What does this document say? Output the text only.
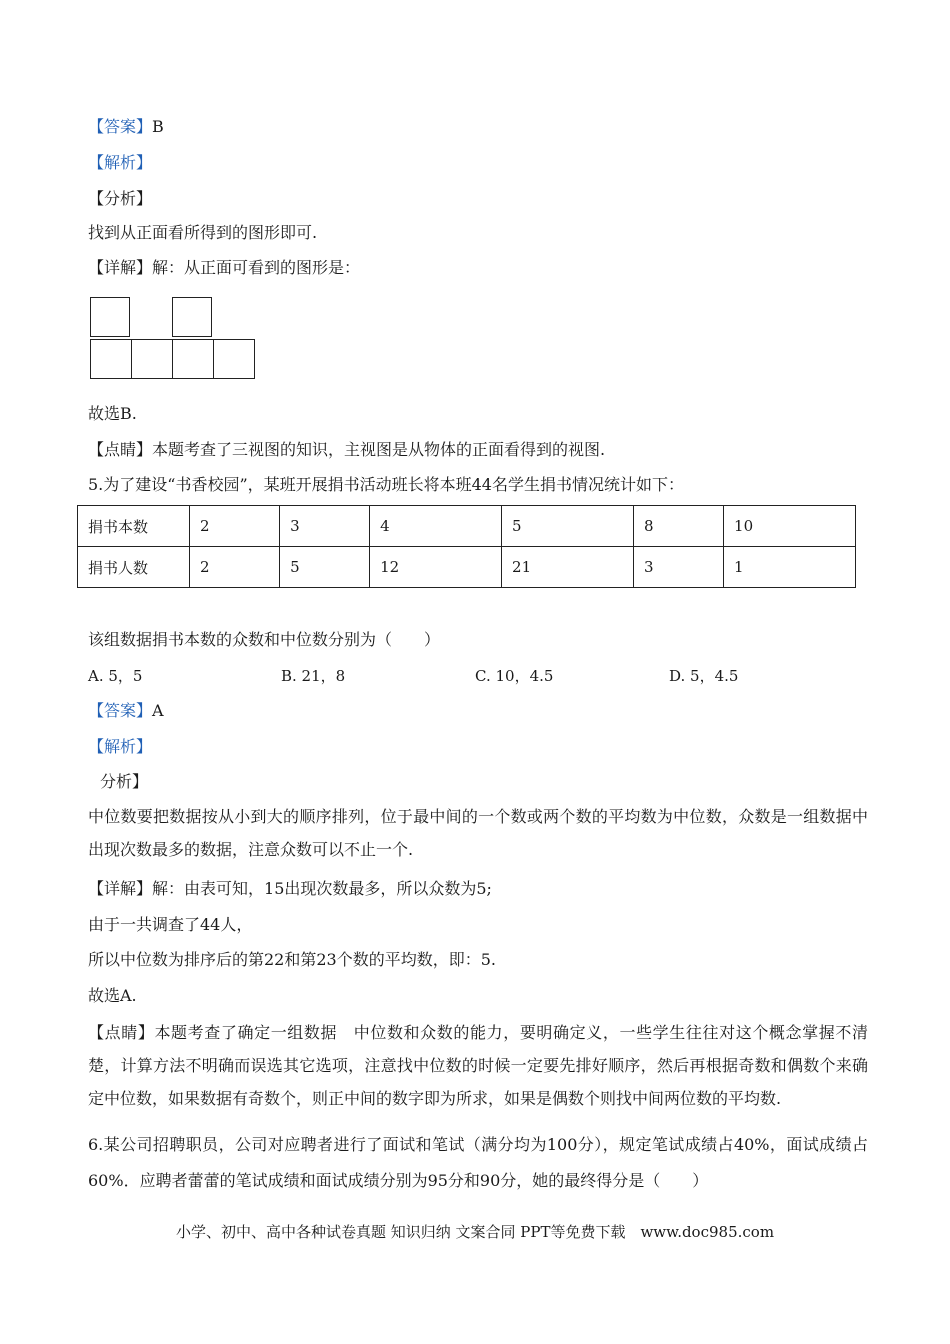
【答案】B
【解析】
【分析】
找到从正面看所得到的图形即可.
【详解】解：从正面可看到的图形是：
故选B.
【点睛】本题考查了三视图的知识，主视图是从物体的正面看得到的视图.
5.为了建设“书香校园”，某班开展捐书活动班长将本班44名学生捐书情况统计如下：
捐书本数	2	3	4	5	8	10
捐书人数	2	5	12	21	3	1
该组数据捐书本数的众数和中位数分别为（　　）
A. 5，5	B. 21，8	C. 10，4.5	D. 5，4.5
【答案】A
【解析】
分析】
中位数要把数据按从小到大的顺序排列，位于最中间的一个数或两个数的平均数为中位数，众数是一组数据中出现次数最多的数据，注意众数可以不止一个.
【详解】解：由表可知，15出现次数最多，所以众数为5;
由于一共调查了44人，
所以中位数为排序后的第22和第23个数的平均数，即：5.
故选A.
【点睛】本题考查了确定一组数据　中位数和众数的能力，要明确定义，一些学生往往对这个概念掌握不清楚，计算方法不明确而误选其它选项，注意找中位数的时候一定要先排好顺序，然后再根据奇数和偶数个来确定中位数，如果数据有奇数个，则正中间的数字即为所求，如果是偶数个则找中间两位数的平均数.
6.某公司招聘职员，公司对应聘者进行了面试和笔试（满分均为100分），规定笔试成绩占40%，面试成绩占60%．应聘者蕾蕾的笔试成绩和面试成绩分别为95分和90分，她的最终得分是（　　）
小学、初中、高中各种试卷真题 知识归纳 文案合同 PPT等免费下载　www.doc985.com
